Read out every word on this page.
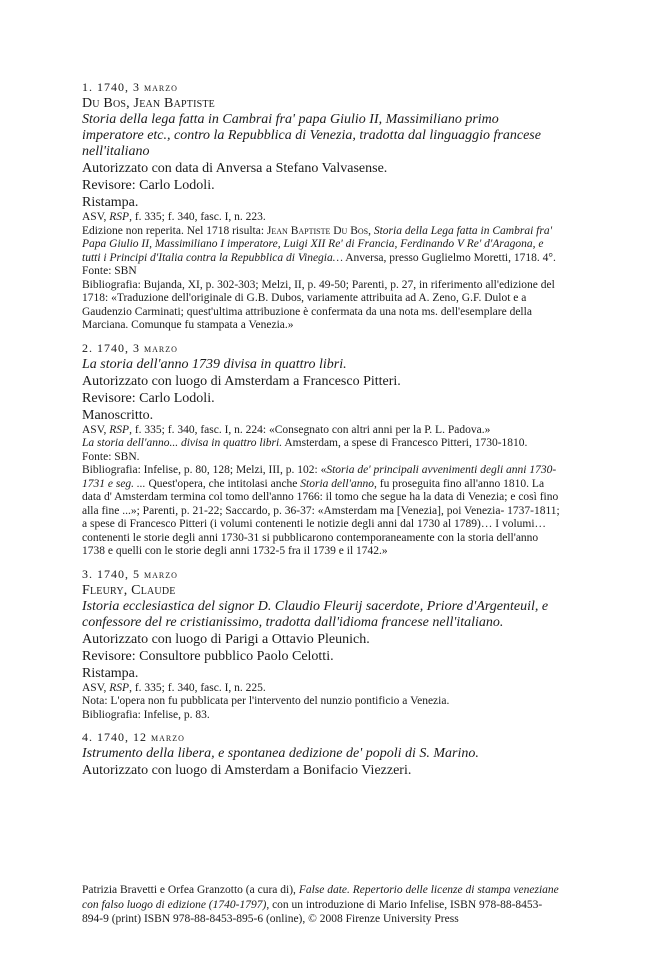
1. 1740, 3 marzo
Du Bos, Jean Baptiste
Storia della lega fatta in Cambrai fra' papa Giulio II, Massimiliano primo imperatore etc., contro la Repubblica di Venezia, tradotta dal linguaggio francese nell'italiano
Autorizzato con data di Anversa a Stefano Valvasense.
Revisore: Carlo Lodoli.
Ristampa.
ASV, RSP, f. 335; f. 340, fasc. I, n. 223.
Edizione non reperita. Nel 1718 risulta: Jean Baptiste Du Bos, Storia della Lega fatta in Cambrai fra' Papa Giulio II, Massimiliano I imperatore, Luigi XII Re' di Francia, Ferdinando V Re' d'Aragona, e tutti i Principi d'Italia contra la Repubblica di Vinegia… Anversa, presso Guglielmo Moretti, 1718. 4°.
Fonte: SBN
Bibliografia: Bujanda, XI, p. 302-303; Melzi, II, p. 49-50; Parenti, p. 27, in riferimento all'edizione del 1718: «Traduzione dell'originale di G.B. Dubos, variamente attribuita ad A. Zeno, G.F. Dulot e a Gaudenzio Carminati; quest'ultima attribuzione è confermata da una nota ms. dell'esemplare della Marciana. Comunque fu stampata a Venezia.»
2. 1740, 3 marzo
La storia dell'anno 1739 divisa in quattro libri.
Autorizzato con luogo di Amsterdam a Francesco Pitteri.
Revisore: Carlo Lodoli.
Manoscritto.
ASV, RSP, f. 335; f. 340, fasc. I, n. 224: «Consegnato con altri anni per la P. L. Padova.»
La storia dell'anno... divisa in quattro libri. Amsterdam, a spese di Francesco Pitteri, 1730-1810.
Fonte: SBN.
Bibliografia: Infelise, p. 80, 128; Melzi, III, p. 102: «Storia de' principali avvenimenti degli anni 1730-1731 e seg. ... Quest'opera, che intitolasi anche Storia dell'anno, fu proseguita fino all'anno 1810. La data d' Amsterdam termina col tomo dell'anno 1766: il tomo che segue ha la data di Venezia; e così fino alla fine ...»; Parenti, p. 21-22; Saccardo, p. 36-37: «Amsterdam ma [Venezia], poi Venezia- 1737-1811; a spese di Francesco Pitteri (i volumi contenenti le notizie degli anni dal 1730 al 1789)… I volumi…contenenti le storie degli anni 1730-31 si pubblicarono contemporaneamente con la storia dell'anno 1738 e quelli con le storie degli anni 1732-5 fra il 1739 e il 1742.»
3. 1740, 5 marzo
Fleury, Claude
Istoria ecclesiastica del signor D. Claudio Fleurij sacerdote, Priore d'Argenteuil, e confessore del re cristianissimo, tradotta dall'idioma francese nell'italiano.
Autorizzato con luogo di Parigi a Ottavio Pleunich.
Revisore: Consultore pubblico Paolo Celotti.
Ristampa.
ASV, RSP, f. 335; f. 340, fasc. I, n. 225.
Nota: L'opera non fu pubblicata per l'intervento del nunzio pontificio a Venezia.
Bibliografia: Infelise, p. 83.
4. 1740, 12 marzo
Istrumento della libera, e spontanea dedizione de' popoli di S. Marino.
Autorizzato con luogo di Amsterdam a Bonifacio Viezzeri.
Patrizia Bravetti e Orfea Granzotto (a cura di), False date. Repertorio delle licenze di stampa veneziane con falso luogo di edizione (1740-1797), con un introduzione di Mario Infelise, ISBN 978-88-8453-894-9 (print) ISBN 978-88-8453-895-6 (online), © 2008 Firenze University Press
